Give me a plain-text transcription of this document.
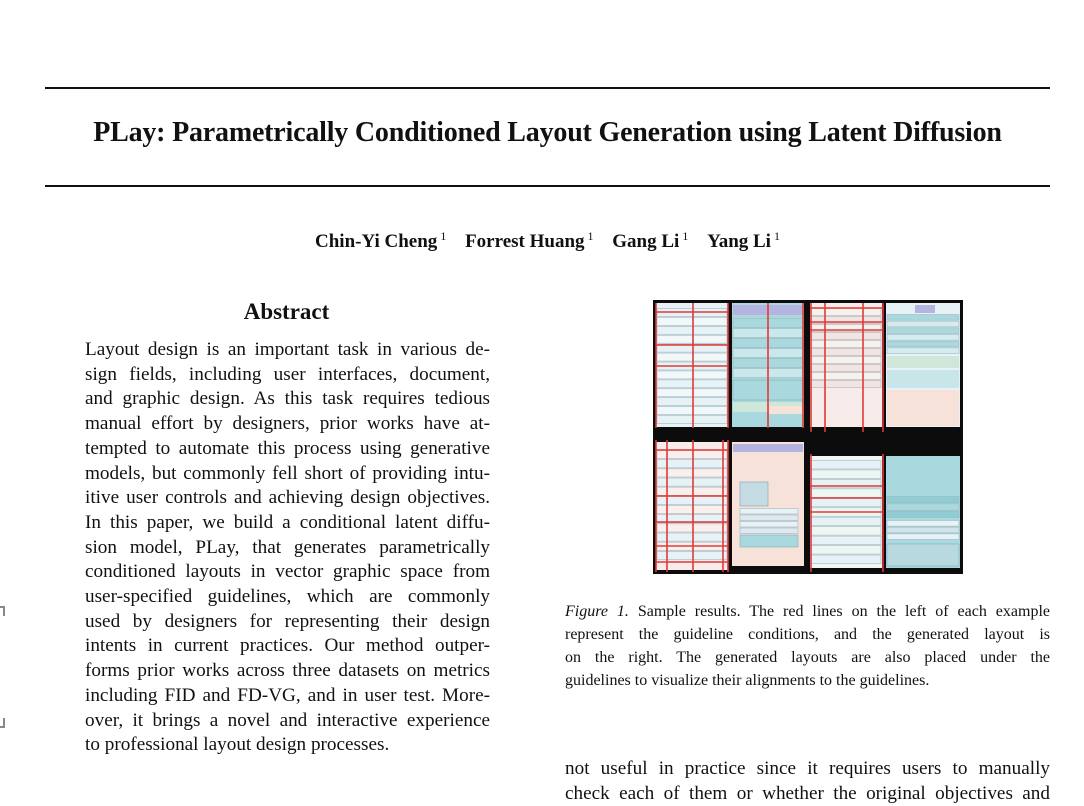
PLay: Parametrically Conditioned Layout Generation using Latent Diffusion
Chin-Yi Cheng $^1$ Forrest Huang $^1$ Gang Li $^1$ Yang Li $^1$
Abstract
Layout design is an important task in various de-
sign fields, including user interfaces, document,
and graphic design. As this task requires tedious
manual effort by designers, prior works have at-
tempted to automate this process using generative
models, but commonly fell short of providing intu-
itive user controls and achieving design objectives.
In this paper, we build a conditional latent diffu-
sion model, PLay, that generates parametrically
conditioned layouts in vector graphic space from
user-specified guidelines, which are commonly
used by designers for representing their design
intents in current practices. Our method outper-
forms prior works across three datasets on metrics
including FID and FD-VG, and in user test. More-
over, it brings a novel and interactive experience
to professional layout design processes.
Figure 1. Sample results. The red lines on the left of each example
represent the guideline conditions, and the generated layout is
on the right. The generated layouts are also placed under the
guidelines to visualize their alignments to the guidelines.
not useful in practice since it requires users to manually
check each of them or whether the original objectives and
